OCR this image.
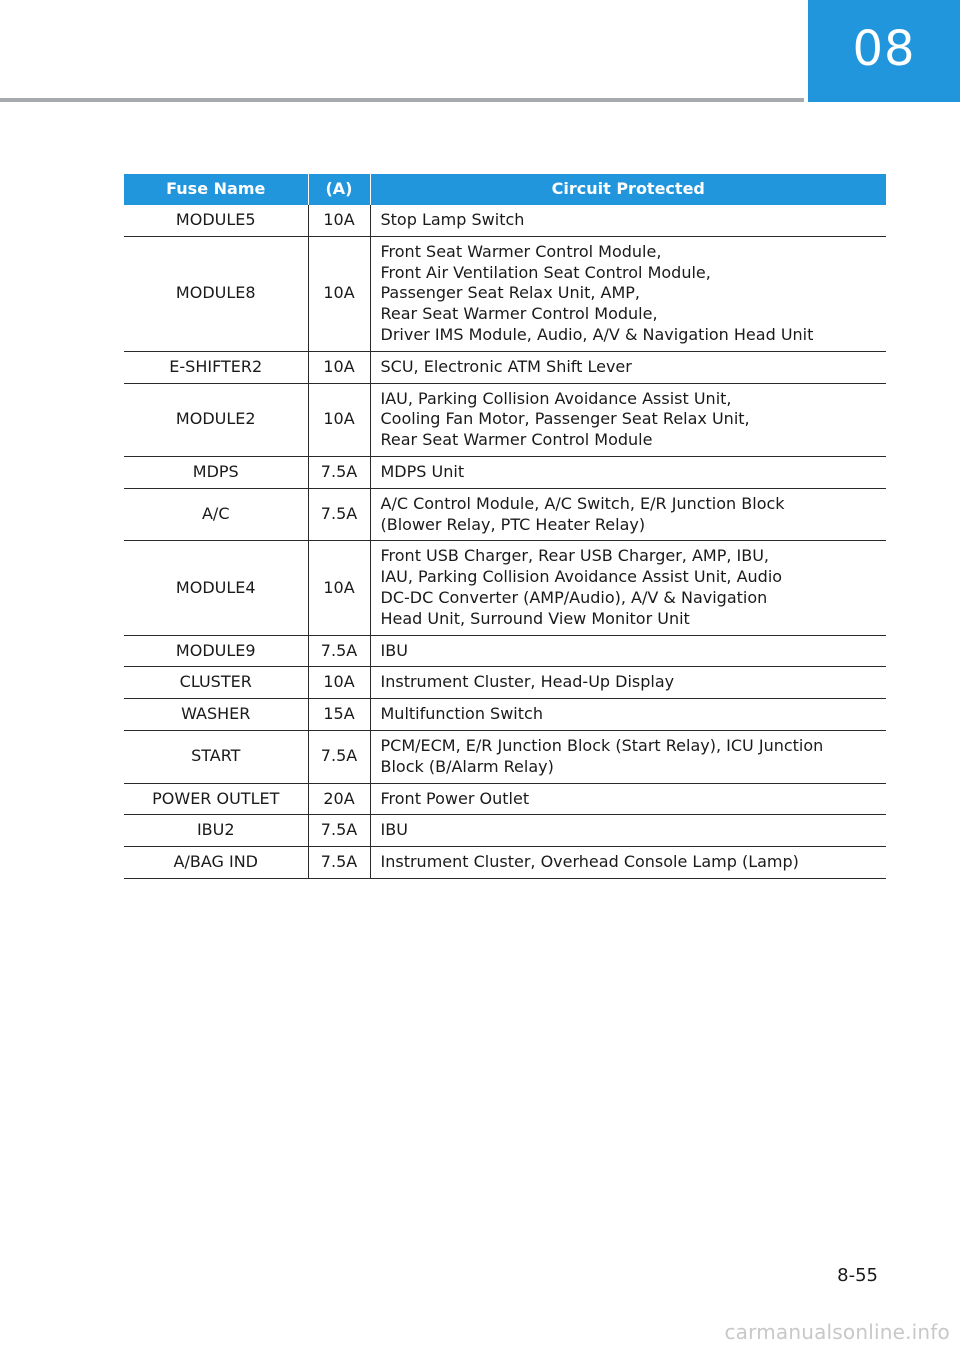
08
Fuse Name	(A)	Circuit Protected
MODULE5	10A	Stop Lamp Switch

MODULE8	10A	Front Seat Warmer Control Module,
Front Air Ventilation Seat Control Module,
Passenger Seat Relax Unit, AMP,
Rear Seat Warmer Control Module,
Driver IMS Module, Audio, A/V & Navigation Head Unit

E-SHIFTER2	10A	SCU, Electronic ATM Shift Lever

MODULE2	10A	IAU, Parking Collision Avoidance Assist Unit,
Cooling Fan Motor, Passenger Seat Relax Unit,
Rear Seat Warmer Control Module

MDPS	7.5A	MDPS Unit

A/C	7.5A	A/C Control Module, A/C Switch, E/R Junction Block
(Blower Relay, PTC Heater Relay)

MODULE4	10A	Front USB Charger, Rear USB Charger, AMP, IBU,
IAU, Parking Collision Avoidance Assist Unit, Audio
DC-DC Converter (AMP/Audio), A/V & Navigation
Head Unit, Surround View Monitor Unit

MODULE9	7.5A	IBU

CLUSTER	10A	Instrument Cluster, Head-Up Display

WASHER	15A	Multifunction Switch

START	7.5A	PCM/ECM, E/R Junction Block (Start Relay), ICU Junction
Block (B/Alarm Relay)

POWER OUTLET	20A	Front Power Outlet

IBU2	7.5A	IBU

A/BAG IND	7.5A	Instrument Cluster, Overhead Console Lamp (Lamp)
8-55
carmanualsonline.info
